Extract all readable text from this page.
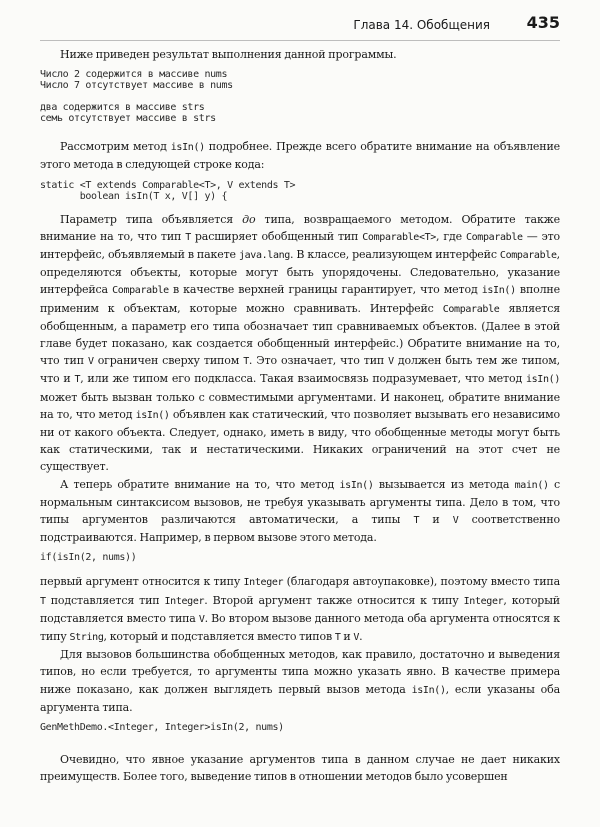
Глава 14. Обобщения 435

Ниже приведен результат выполнения данной программы.

Число 2 содержится в массиве nums
Число 7 отсутствует массиве в nums
два содержится в массиве strs
семь отсутствует массиве в strs

Рассмотрим метод isIn() подробнее. Прежде всего обратите внимание на объявление этого метода в следующей строке кода:

static <T extends Comparable<T>, V extends T>
boolean isIn(T x, V[] y) {

Параметр типа объявляется до типа, возвращаемого методом. Обратите также внимание на то, что тип T расширяет обобщенный тип Comparable<T>, где Comparable — это интерфейс, объявляемый в пакете java.lang. В классе, реализующем интерфейс Comparable, определяются объекты, которые могут быть упорядочены. Следовательно, указание интерфейса Comparable в качестве верхней границы гарантирует, что метод isIn() вполне применим к объектам, которые можно сравнивать. Интерфейс Comparable является обобщенным, а параметр его типа обозначает тип сравниваемых объектов. (Далее в этой главе будет показано, как создается обобщенный интерфейс.) Обратите внимание на то, что тип V ограничен сверху типом T. Это означает, что тип V должен быть тем же типом, что и T, или же типом его подкласса. Такая взаимосвязь подразумевает, что метод isIn() может быть вызван только с совместимыми аргументами. И наконец, обратите внимание на то, что метод isIn() объявлен как статический, что позволяет вызывать его независимо ни от какого объекта. Следует, однако, иметь в виду, что обобщенные методы могут быть как статическими, так и нестатическими. Никаких ограничений на этот счет не существует.

А теперь обратите внимание на то, что метод isIn() вызывается из метода main() с нормальным синтаксисом вызовов, не требуя указывать аргументы типа. Дело в том, что типы аргументов различаются автоматически, а типы T и V соответственно подстраиваются. Например, в первом вызове этого метода.

if(isIn(2, nums))

первый аргумент относится к типу Integer (благодаря автоупаковке), поэтому вместо типа T подставляется тип Integer. Второй аргумент также относится к типу Integer, который подставляется вместо типа V. Во втором вызове данного метода оба аргумента относятся к типу String, который и подставляется вместо типов T и V.

Для вызовов большинства обобщенных методов, как правило, достаточно и выведения типов, но если требуется, то аргументы типа можно указать явно. В качестве примера ниже показано, как должен выглядеть первый вызов метода isIn(), если указаны оба аргумента типа.

GenMethDemo.<Integer, Integer>isIn(2, nums)

Очевидно, что явное указание аргументов типа в данном случае не дает никаких преимуществ. Более того, выведение типов в отношении методов было усовершен
